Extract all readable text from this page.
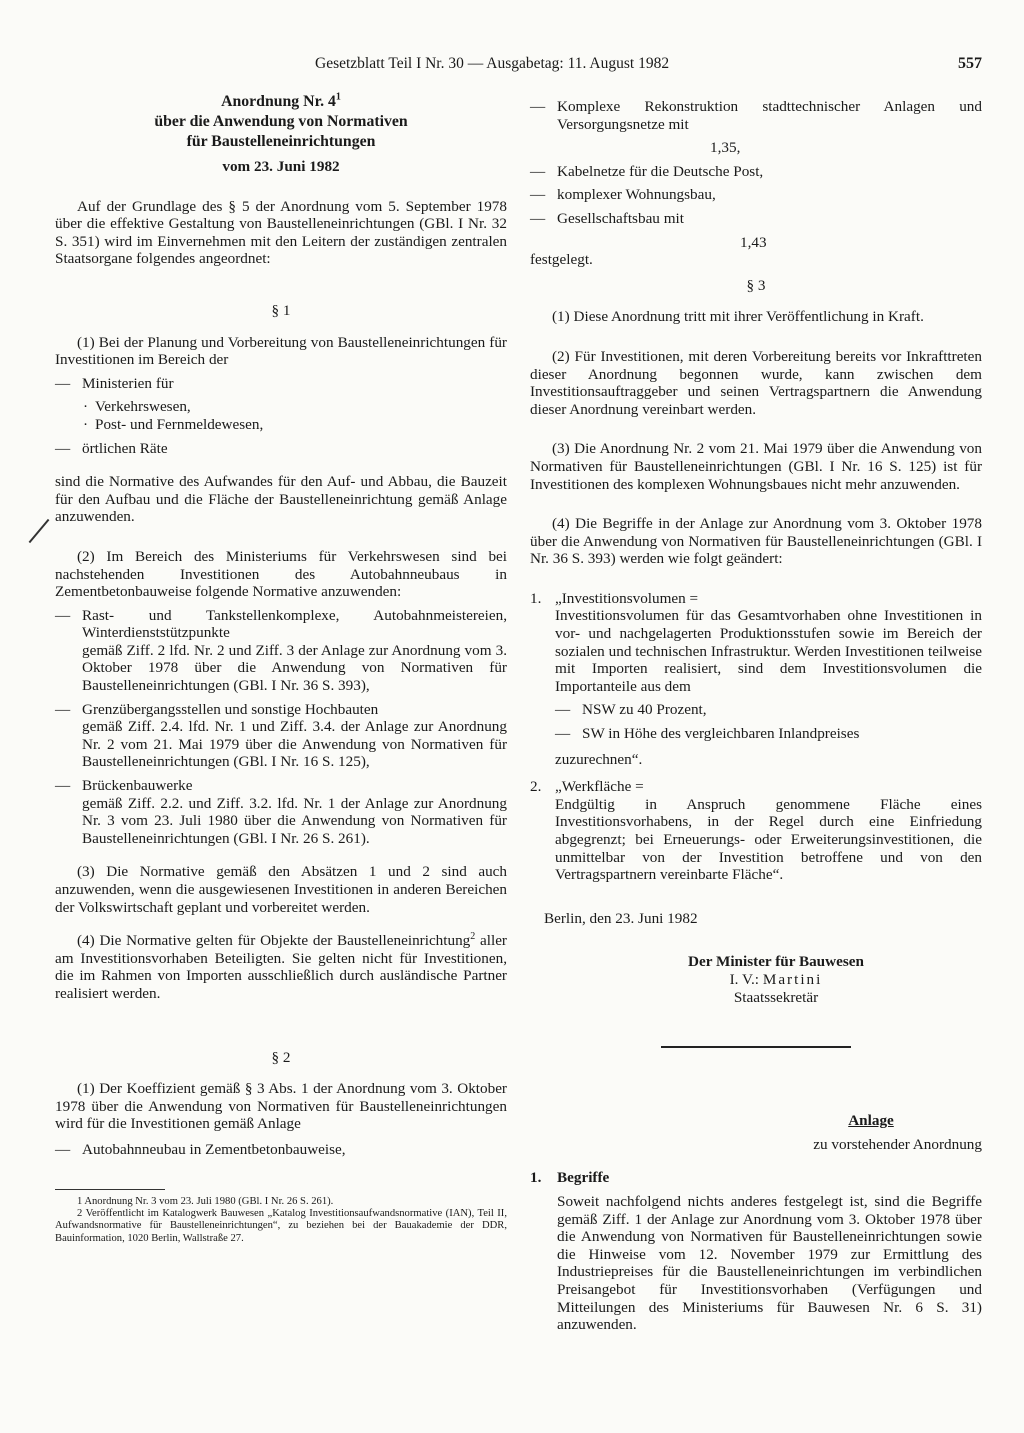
Gesetzblatt Teil I Nr. 30 — Ausgabetag: 11. August 1982	557
Anordnung Nr. $4^1$
über die Anwendung von Normativen
für Baustelleneinrichtungen
vom 23. Juni 1982

Auf der Grundlage des § 5 der Anordnung vom 5. September 1978 über die effektive Gestaltung von Baustelleneinrichtungen (GBl. I Nr. 32 S. 351) wird im Einvernehmen mit den Leitern der zuständigen zentralen Staatsorgane folgendes angeordnet:

§ 1

(1) Bei der Planung und Vorbereitung von Baustelleneinrichtungen für Investitionen im Bereich der

— Ministerien für
· Verkehrswesen,
· Post- und Fernmeldewesen,
— örtlichen Räte

sind die Normative des Aufwandes für den Auf- und Abbau, die Bauzeit für den Aufbau und die Fläche der Baustelleneinrichtung gemäß Anlage anzuwenden.

(2) Im Bereich des Ministeriums für Verkehrswesen sind bei nachstehenden Investitionen des Autobahnneubaus in Zementbetonbauweise folgende Normative anzuwenden:

— Rast- und Tankstellenkomplexe, Autobahnmeistereien, Winterdienststützpunkte

gemäß Ziff. 2 lfd. Nr. 2 und Ziff. 3 der Anlage zur Anordnung vom 3. Oktober 1978 über die Anwendung von Normativen für Baustelleneinrichtungen (GBl. I Nr. 36 S. 393),

— Grenzübergangsstellen und sonstige Hochbauten

gemäß Ziff. 2.4. lfd. Nr. 1 und Ziff. 3.4. der Anlage zur Anordnung Nr. 2 vom 21. Mai 1979 über die Anwendung von Normativen für Baustelleneinrichtungen (GBl. I Nr. 16 S. 125),

— Brückenbauwerke

gemäß Ziff. 2.2. und Ziff. 3.2. lfd. Nr. 1 der Anlage zur Anordnung Nr. 3 vom 23. Juli 1980 über die Anwendung von Normativen für Baustelleneinrichtungen (GBl. I Nr. 26 S. 261).

(3) Die Normative gemäß den Absätzen 1 und 2 sind auch anzuwenden, wenn die ausgewiesenen Investitionen in anderen Bereichen der Volkswirtschaft geplant und vorbereitet werden.

(4) Die Normative gelten für Objekte der Baustelleneinrichtung$^2$ aller am Investitionsvorhaben Beteiligten. Sie gelten nicht für Investitionen, die im Rahmen von Importen ausschließlich durch ausländische Partner realisiert werden.

§ 2

(1) Der Koeffizient gemäß § 3 Abs. 1 der Anordnung vom 3. Oktober 1978 über die Anwendung von Normativen für Baustelleneinrichtungen wird für die Investitionen gemäß Anlage

— Autobahnneubau in Zementbetonbauweise,

1 Anordnung Nr. 3 vom 23. Juli 1980 (GBl. I Nr. 26 S. 261).

2 Veröffentlicht im Katalogwerk Bauwesen „Katalog Investitionsaufwandsnormative (IAN), Teil II, Aufwandsnormative für Baustelleneinrichtungen“, zu beziehen bei der Bauakademie der DDR, Bauinformation, 1020 Berlin, Wallstraße 27.

— Komplexe Rekonstruktion stadttechnischer Anlagen und Versorgungsnetze mit

1,35,

— Kabelnetze für die Deutsche Post,
— komplexer Wohnungsbau,
— Gesellschaftsbau mit

1,43

festgelegt.

§ 3

(1) Diese Anordnung tritt mit ihrer Veröffentlichung in Kraft.

(2) Für Investitionen, mit deren Vorbereitung bereits vor Inkrafttreten dieser Anordnung begonnen wurde, kann zwischen dem Investitionsauftraggeber und seinen Vertragspartnern die Anwendung dieser Anordnung vereinbart werden.

(3) Die Anordnung Nr. 2 vom 21. Mai 1979 über die Anwendung von Normativen für Baustelleneinrichtungen (GBl. I Nr. 16 S. 125) ist für Investitionen des komplexen Wohnungsbaues nicht mehr anzuwenden.

(4) Die Begriffe in der Anlage zur Anordnung vom 3. Oktober 1978 über die Anwendung von Normativen für Baustelleneinrichtungen (GBl. I Nr. 36 S. 393) werden wie folgt geändert:

1. „Investitionsvolumen =

Investitionsvolumen für das Gesamtvorhaben ohne Investitionen in vor- und nachgelagerten Produktionsstufen sowie im Bereich der sozialen und technischen Infrastruktur. Werden Investitionen teilweise mit Importen realisiert, sind dem Investitionsvolumen die Importanteile aus dem

— NSW zu 40 Prozent,
— SW in Höhe des vergleichbaren Inlandpreises

zuzurechnen“.

2. „Werkfläche =

Endgültig in Anspruch genommene Fläche eines Investitionsvorhabens, in der Regel durch eine Einfriedung abgegrenzt; bei Erneuerungs- oder Erweiterungsinvestitionen, die unmittelbar von der Investition betroffene und von den Vertragspartnern vereinbarte Fläche“.

Berlin, den 23. Juni 1982

Der Minister für Bauwesen
I. V.: Martini
Staatssekretär
Anlage

zu vorstehender Anordnung

1.	Begriffe

Soweit nachfolgend nichts anderes festgelegt ist, sind die Begriffe gemäß Ziff. 1 der Anlage zur Anordnung vom 3. Oktober 1978 über die Anwendung von Normativen für Baustelleneinrichtungen sowie die Hinweise vom 12. November 1979 zur Ermittlung des Industriepreises für die Baustelleneinrichtungen im verbindlichen Preisangebot für Investitionsvorhaben (Verfügungen und Mitteilungen des Ministeriums für Bauwesen Nr. 6 S. 31) anzuwenden.
